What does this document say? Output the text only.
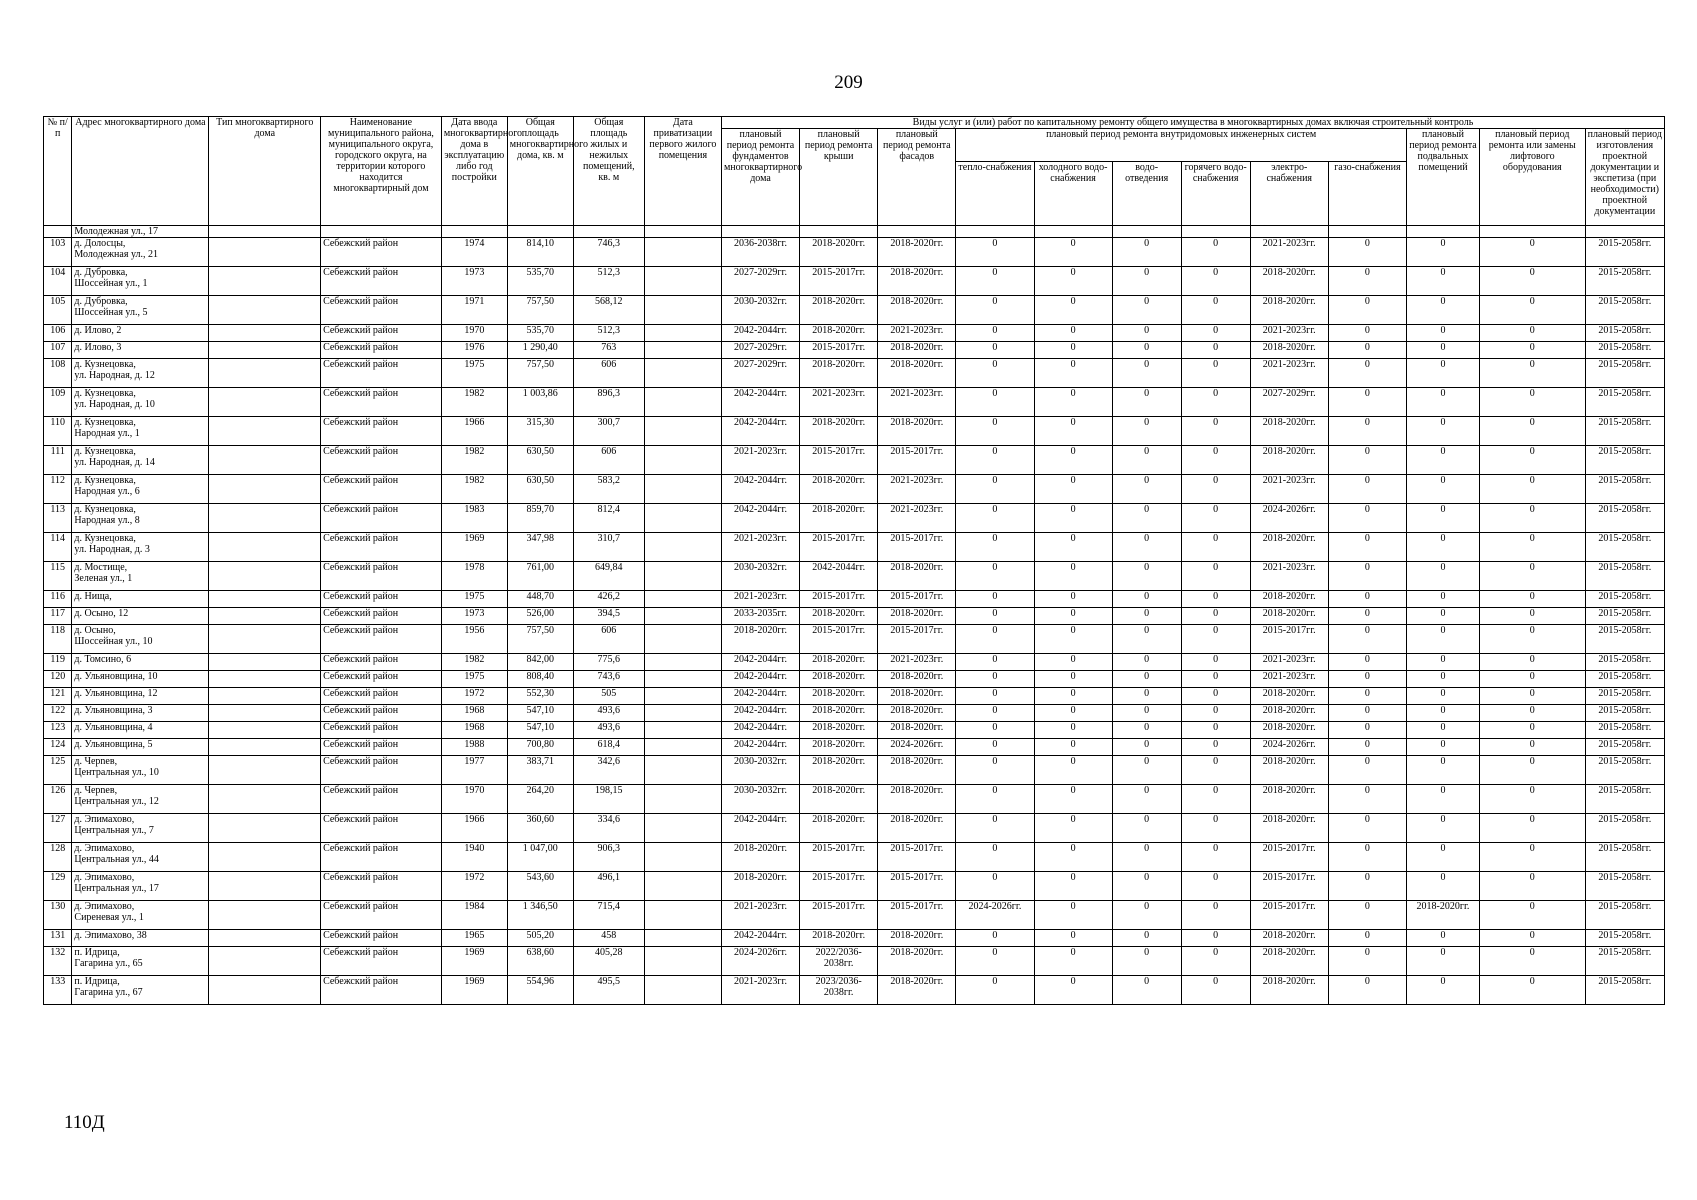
209
№ п/п	Адрес многоквартирного дома	Тип многоквартирного дома	Наименование муниципального района, муниципального округа, городского округа, на территории которого находится многоквартирный дом	Дата ввода многоквартирного дома в эксплуатацию либо год постройки	Общая площадь многоквартирного дома, кв. м	Общая площадь жилых и нежилых помещений, кв. м	Дата приватизации первого жилого помещения	Виды услуг и (или) работ по капитальному ремонту общего имущества в многоквартирных домах включая строительный контроль											
								плановый период ремонта фундаментов многоквартирного дома	плановый период ремонта крыши	плановый период ремонта фасадов	плановый период ремонта внутридомовых инженерных систем						плановый период ремонта подвальных помещений	плановый период ремонта или замены лифтового оборудования	плановый период изготовления проектной документации и экспетиза (при необходимости) проектной документации
											тепло-снабжения	холодного водо-снабжения	водо-отведения	горячего водо-снабжения	электро-снабжения	газо-снабжения			
	Молодежная ул., 17																		
103	д. Долосцы,
Молодежная ул., 21		Себежский район	1974	814,10	746,3		2036-2038гг.	2018-2020гг.	2018-2020гг.	0	0	0	0	2021-2023гг.	0	0	0	2015-2058гг.
104	д. Дубровка,
Шоссейная ул., 1		Себежский район	1973	535,70	512,3		2027-2029гг.	2015-2017гг.	2018-2020гг.	0	0	0	0	2018-2020гг.	0	0	0	2015-2058гг.
105	д. Дубровка,
Шоссейная ул., 5		Себежский район	1971	757,50	568,12		2030-2032гг.	2018-2020гг.	2018-2020гг.	0	0	0	0	2018-2020гг.	0	0	0	2015-2058гг.
106	д. Илово, 2		Себежский район	1970	535,70	512,3		2042-2044гг.	2018-2020гг.	2021-2023гг.	0	0	0	0	2021-2023гг.	0	0	0	2015-2058гг.
107	д. Илово, 3		Себежский район	1976	1 290,40	763		2027-2029гг.	2015-2017гг.	2018-2020гг.	0	0	0	0	2018-2020гг.	0	0	0	2015-2058гг.
108	д. Кузнецовка,
ул. Народная, д. 12		Себежский район	1975	757,50	606		2027-2029гг.	2018-2020гг.	2018-2020гг.	0	0	0	0	2021-2023гг.	0	0	0	2015-2058гг.
109	д. Кузнецовка,
ул. Народная, д. 10		Себежский район	1982	1 003,86	896,3		2042-2044гг.	2021-2023гг.	2021-2023гг.	0	0	0	0	2027-2029гг.	0	0	0	2015-2058гг.
110	д. Кузнецовка,
Народная ул., 1		Себежский район	1966	315,30	300,7		2042-2044гг.	2018-2020гг.	2018-2020гг.	0	0	0	0	2018-2020гг.	0	0	0	2015-2058гг.
111	д. Кузнецовка,
ул. Народная, д. 14		Себежский район	1982	630,50	606		2021-2023гг.	2015-2017гг.	2015-2017гг.	0	0	0	0	2018-2020гг.	0	0	0	2015-2058гг.
112	д. Кузнецовка,
Народная ул., 6		Себежский район	1982	630,50	583,2		2042-2044гг.	2018-2020гг.	2021-2023гг.	0	0	0	0	2021-2023гг.	0	0	0	2015-2058гг.
113	д. Кузнецовка,
Народная ул., 8		Себежский район	1983	859,70	812,4		2042-2044гг.	2018-2020гг.	2021-2023гг.	0	0	0	0	2024-2026гг.	0	0	0	2015-2058гг.
114	д. Кузнецовка,
ул. Народная, д. 3		Себежский район	1969	347,98	310,7		2021-2023гг.	2015-2017гг.	2015-2017гг.	0	0	0	0	2018-2020гг.	0	0	0	2015-2058гг.
115	д. Мостище,
Зеленая ул., 1		Себежский район	1978	761,00	649,84		2030-2032гг.	2042-2044гг.	2018-2020гг.	0	0	0	0	2021-2023гг.	0	0	0	2015-2058гг.
116	д. Нища,		Себежский район	1975	448,70	426,2		2021-2023гг.	2015-2017гг.	2015-2017гг.	0	0	0	0	2018-2020гг.	0	0	0	2015-2058гг.
117	д. Осыно, 12		Себежский район	1973	526,00	394,5		2033-2035гг.	2018-2020гг.	2018-2020гг.	0	0	0	0	2018-2020гг.	0	0	0	2015-2058гг.
118	д. Осыно,
Шоссейная ул., 10		Себежский район	1956	757,50	606		2018-2020гг.	2015-2017гг.	2015-2017гг.	0	0	0	0	2015-2017гг.	0	0	0	2015-2058гг.
119	д. Томсино, 6		Себежский район	1982	842,00	775,6		2042-2044гг.	2018-2020гг.	2021-2023гг.	0	0	0	0	2021-2023гг.	0	0	0	2015-2058гг.
120	д. Ульяновщина, 10		Себежский район	1975	808,40	743,6		2042-2044гг.	2018-2020гг.	2018-2020гг.	0	0	0	0	2021-2023гг.	0	0	0	2015-2058гг.
121	д. Ульяновщина, 12		Себежский район	1972	552,30	505		2042-2044гг.	2018-2020гг.	2018-2020гг.	0	0	0	0	2018-2020гг.	0	0	0	2015-2058гг.
122	д. Ульяновщина, 3		Себежский район	1968	547,10	493,6		2042-2044гг.	2018-2020гг.	2018-2020гг.	0	0	0	0	2018-2020гг.	0	0	0	2015-2058гг.
123	д. Ульяновщина, 4		Себежский район	1968	547,10	493,6		2042-2044гг.	2018-2020гг.	2018-2020гг.	0	0	0	0	2018-2020гг.	0	0	0	2015-2058гг.
124	д. Ульяновщина, 5		Себежский район	1988	700,80	618,4		2042-2044гг.	2018-2020гг.	2024-2026гг.	0	0	0	0	2024-2026гг.	0	0	0	2015-2058гг.
125	д. Черneв,
Центральная ул., 10		Себежский район	1977	383,71	342,6		2030-2032гг.	2018-2020гг.	2018-2020гг.	0	0	0	0	2018-2020гг.	0	0	0	2015-2058гг.
126	д. Черneв,
Центральная ул., 12		Себежский район	1970	264,20	198,15		2030-2032гг.	2018-2020гг.	2018-2020гг.	0	0	0	0	2018-2020гг.	0	0	0	2015-2058гг.
127	д. Эпимахово,
Центральная ул., 7		Себежский район	1966	360,60	334,6		2042-2044гг.	2018-2020гг.	2018-2020гг.	0	0	0	0	2018-2020гг.	0	0	0	2015-2058гг.
128	д. Эпимахово,
Центральная ул., 44		Себежский район	1940	1 047,00	906,3		2018-2020гг.	2015-2017гг.	2015-2017гг.	0	0	0	0	2015-2017гг.	0	0	0	2015-2058гг.
129	д. Эпимахово,
Центральная ул., 17		Себежский район	1972	543,60	496,1		2018-2020гг.	2015-2017гг.	2015-2017гг.	0	0	0	0	2015-2017гг.	0	0	0	2015-2058гг.
130	д. Эпимахово,
Сиреневая ул., 1		Себежский район	1984	1 346,50	715,4		2021-2023гг.	2015-2017гг.	2015-2017гг.	2024-2026гг.	0	0	0	2015-2017гг.	0	2018-2020гг.	0	2015-2058гг.
131	д. Эпимахово, 38		Себежский район	1965	505,20	458		2042-2044гг.	2018-2020гг.	2018-2020гг.	0	0	0	0	2018-2020гг.	0	0	0	2015-2058гг.
132	п. Идрица,
Гагарина ул., 65		Себежский район	1969	638,60	405,28		2024-2026гг.	2022/2036-2038гг.	2018-2020гг.	0	0	0	0	2018-2020гг.	0	0	0	2015-2058гг.
133	п. Идрица,
Гагарина ул., 67		Себежский район	1969	554,96	495,5		2021-2023гг.	2023/2036-2038гг.	2018-2020гг.	0	0	0	0	2018-2020гг.	0	0	0	2015-2058гг.
110Д
